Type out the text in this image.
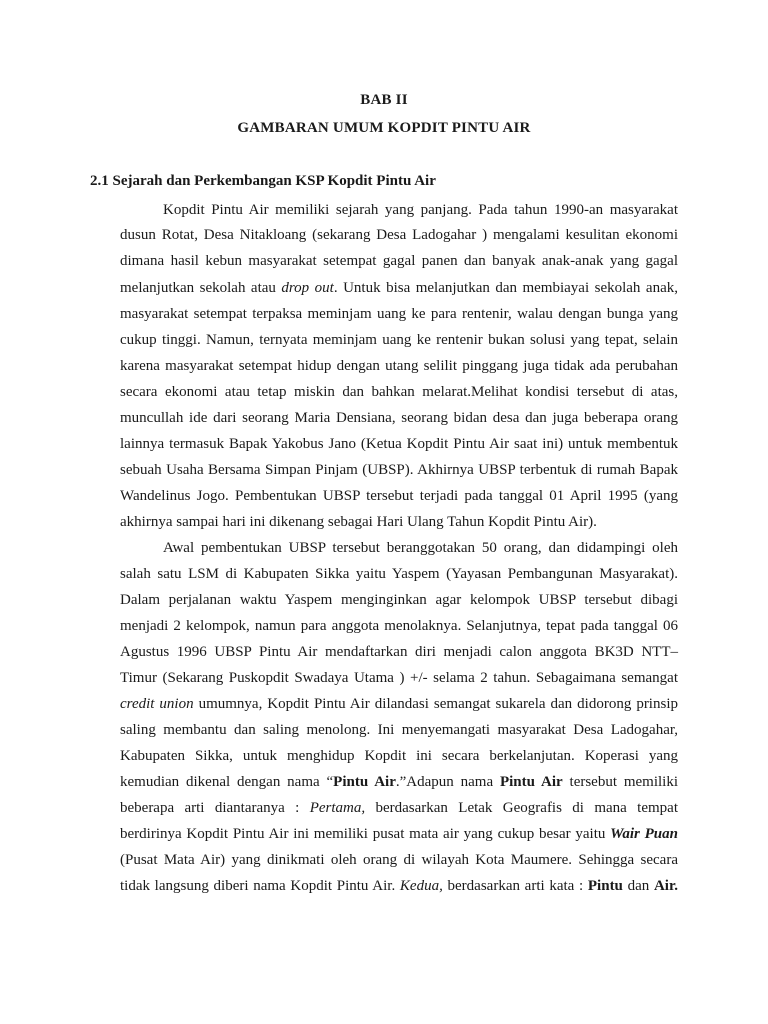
BAB II
GAMBARAN UMUM KOPDIT PINTU AIR
2.1 Sejarah dan Perkembangan KSP Kopdit Pintu Air
Kopdit Pintu Air memiliki sejarah yang panjang. Pada tahun 1990-an masyarakat
dusun Rotat, Desa Nitakloang (sekarang Desa Ladogahar ) mengalami kesulitan ekonomi
dimana hasil kebun masyarakat setempat gagal panen dan banyak anak-anak yang gagal
melanjutkan sekolah atau drop out. Untuk bisa melanjutkan dan membiayai sekolah anak,
masyarakat setempat terpaksa meminjam uang ke para rentenir, walau dengan bunga yang
cukup tinggi. Namun, ternyata meminjam uang ke rentenir bukan solusi yang tepat, selain
karena masyarakat setempat hidup dengan utang selilit pinggang juga tidak ada perubahan
secara ekonomi atau tetap miskin dan bahkan melarat.Melihat kondisi tersebut di atas,
muncullah ide dari seorang Maria Densiana, seorang bidan desa dan juga beberapa orang
lainnya termasuk Bapak Yakobus Jano (Ketua Kopdit Pintu Air saat ini) untuk membentuk
sebuah Usaha Bersama Simpan Pinjam (UBSP). Akhirnya UBSP terbentuk di rumah Bapak
Wandelinus Jogo. Pembentukan UBSP tersebut terjadi pada tanggal 01 April 1995 (yang
akhirnya sampai hari ini dikenang sebagai Hari Ulang Tahun Kopdit Pintu Air).
Awal pembentukan UBSP tersebut beranggotakan 50 orang, dan didampingi oleh
salah satu LSM di Kabupaten Sikka yaitu Yaspem (Yayasan Pembangunan Masyarakat).
Dalam perjalanan waktu Yaspem menginginkan agar kelompok UBSP tersebut dibagi
menjadi 2 kelompok, namun para anggota menolaknya. Selanjutnya, tepat pada tanggal 06
Agustus 1996 UBSP Pintu Air mendaftarkan diri menjadi calon anggota BK3D NTT–
Timur (Sekarang Puskopdit Swadaya Utama ) +/- selama 2 tahun. Sebagaimana semangat
credit union umumnya, Kopdit Pintu Air dilandasi semangat sukarela dan didorong prinsip
saling membantu dan saling menolong. Ini menyemangati masyarakat Desa Ladogahar,
Kabupaten Sikka, untuk menghidup Kopdit ini secara berkelanjutan. Koperasi yang
kemudian dikenal dengan nama “Pintu Air.”Adapun nama Pintu Air tersebut memiliki
beberapa arti diantaranya : Pertama, berdasarkan Letak Geografis di mana tempat
berdirinya Kopdit Pintu Air ini memiliki pusat mata air yang cukup besar yaitu Wair Puan
(Pusat Mata Air) yang dinikmati oleh orang di wilayah Kota Maumere. Sehingga secara
tidak langsung diberi nama Kopdit Pintu Air. Kedua, berdasarkan arti kata : Pintu dan Air.
